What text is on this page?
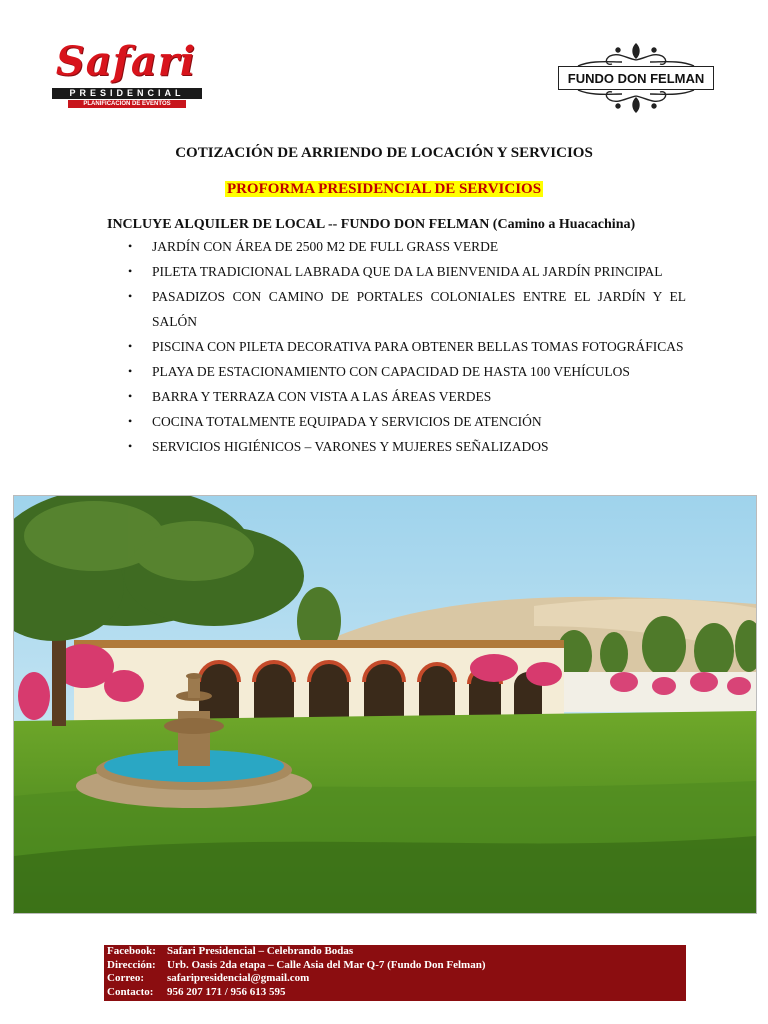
Safari
PRESIDENCIAL
PLANIFICACIÓN DE EVENTOS
FUNDO DON FELMAN
COTIZACIÓN DE ARRIENDO DE LOCACIÓN Y SERVICIOS
PROFORMA PRESIDENCIAL DE SERVICIOS
INCLUYE ALQUILER DE LOCAL -- FUNDO DON FELMAN (Camino a Huacachina)
• JARDÍN CON ÁREA DE 2500 M2 DE FULL GRASS VERDE
• PILETA TRADICIONAL LABRADA QUE DA LA BIENVENIDA AL JARDÍN PRINCIPAL
• PASADIZOS CON CAMINO DE PORTALES COLONIALES ENTRE EL JARDÍN Y EL SALÓN
• PISCINA CON PILETA DECORATIVA PARA OBTENER BELLAS TOMAS FOTOGRÁFICAS
• PLAYA DE ESTACIONAMIENTO CON CAPACIDAD DE HASTA 100 VEHÍCULOS
• BARRA Y TERRAZA CON VISTA A LAS ÁREAS VERDES
• COCINA TOTALMENTE EQUIPADA Y SERVICIOS DE ATENCIÓN
• SERVICIOS HIGIÉNICOS – VARONES Y MUJERES SEÑALIZADOS
Facebook:	Safari Presidencial – Celebrando Bodas
Dirección:	Urb. Oasis 2da etapa – Calle Asia del Mar Q-7 (Fundo Don Felman)
Correo:	safaripresidencial@gmail.com
Contacto:	956 207 171 / 956 613 595
